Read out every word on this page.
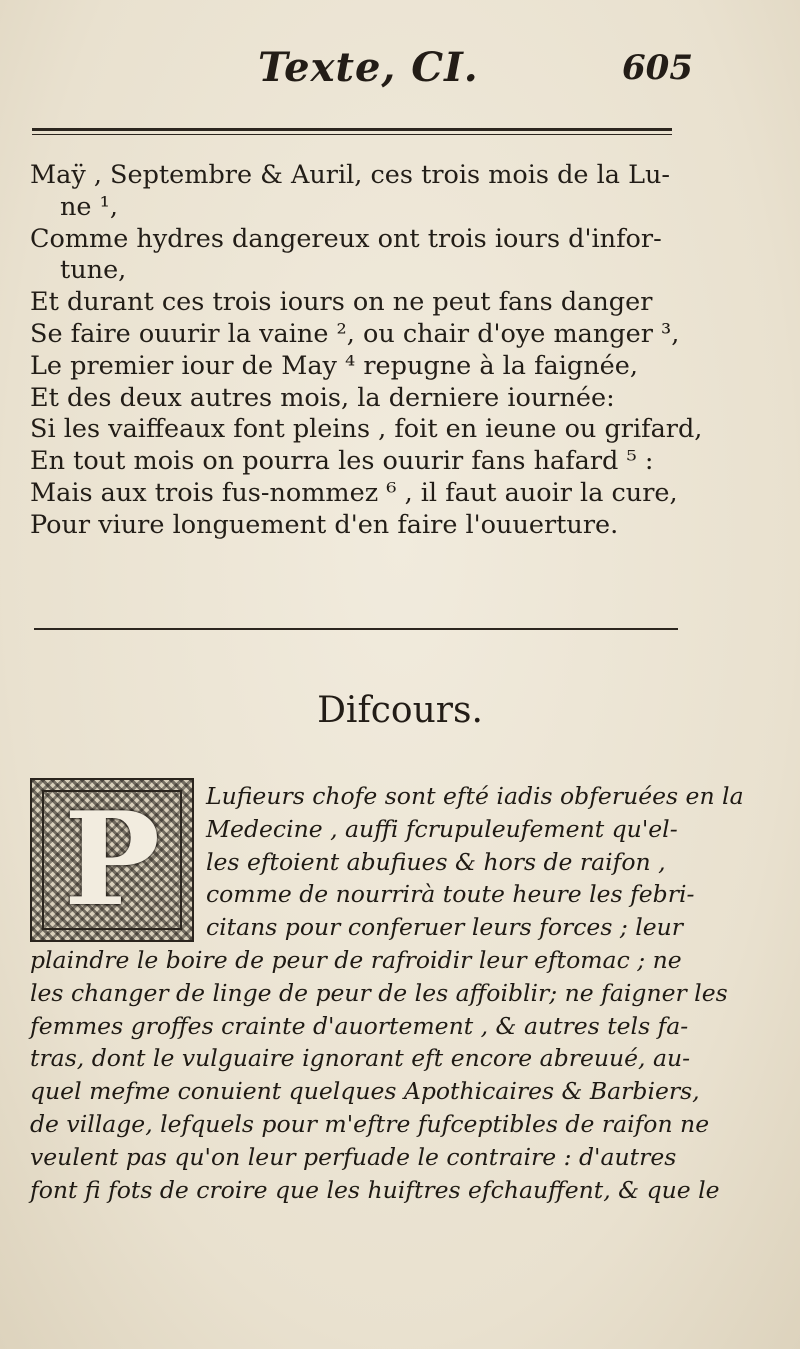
Texte, CI.	605
Maÿ , Septembre & Auril, ces trois mois de la Lu-
ne ¹,
Comme hydres dangereux ont trois iours d'infor-
tune,
Et durant ces trois iours on ne peut fans danger
Se faire ouurir la vaine ², ou chair d'oye manger ³,
Le premier iour de May ⁴ repugne à la faignée,
Et des deux autres mois, la derniere iournée:
Si les vaiffeaux font pleins , foit en ieune ou grifard,
En tout mois on pourra les ouurir fans hafard ⁵ :
Mais aux trois fus-nommez ⁶ , il faut auoir la cure,
Pour viure longuement d'en faire l'ouuerture.
Difcours.
P	Lufieurs chofe sont efté iadis obferuées en la
Medecine , auffi fcrupuleufement qu'el-
les eftoient abufiues & hors de raifon ,
comme de nourrirà toute heure les febri-
citans pour conferuer leurs forces ; leur
plaindre le boire de peur de rafroidir leur eftomac ; ne
les changer de linge de peur de les affoiblir; ne faigner les
femmes groffes crainte d'auortement , & autres tels fa-
tras, dont le vulguaire ignorant eft encore abreuué, au-
quel mefme conuient quelques Apothicaires & Barbiers,
de village, lefquels pour m'eftre fufceptibles de raifon ne
veulent pas qu'on leur perfuade le contraire : d'autres
font fi fots de croire que les huiftres efchauffent, & que le
